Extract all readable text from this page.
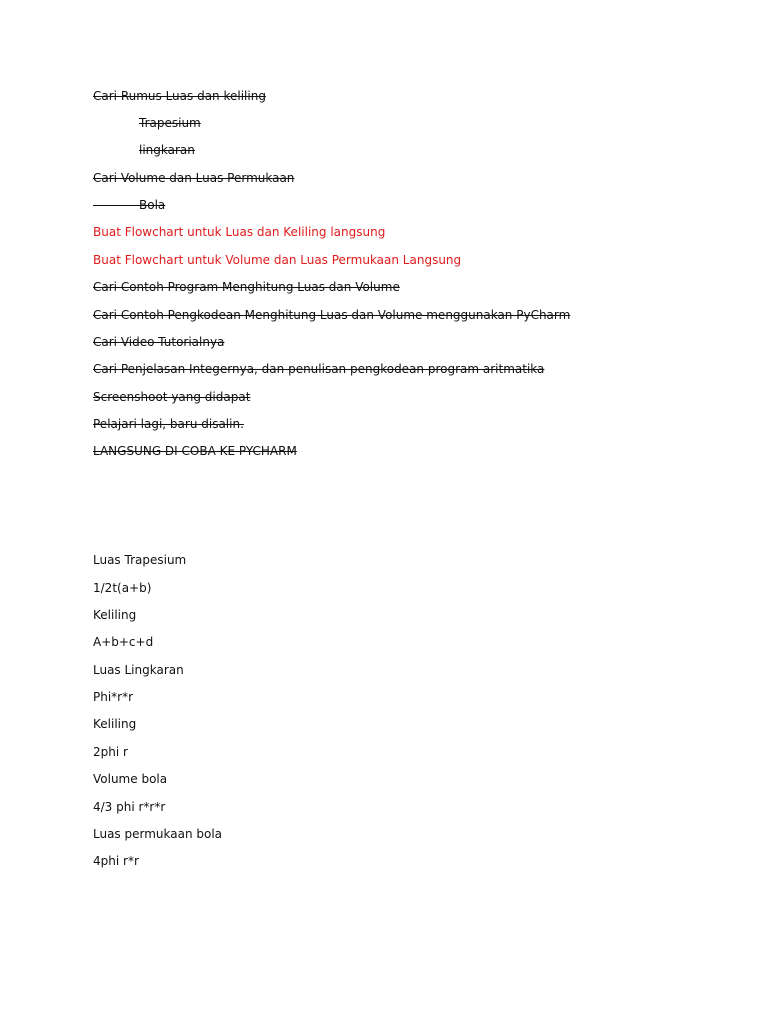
Cari Rumus Luas dan keliling
Trapesium
lingkaran
Cari Volume dan Luas Permukaan
Bola
Buat Flowchart untuk Luas dan Keliling langsung
Buat Flowchart untuk Volume dan Luas Permukaan Langsung
Cari Contoh Program Menghitung Luas dan Volume
Cari Contoh Pengkodean Menghitung Luas dan Volume menggunakan PyCharm
Cari Video Tutorialnya
Cari Penjelasan Integernya, dan penulisan pengkodean program aritmatika
Screenshoot yang didapat
Pelajari lagi, baru disalin.
LANGSUNG DI COBA KE PYCHARM
Luas Trapesium
1/2t(a+b)
Keliling
A+b+c+d
Luas Lingkaran
Phi*r*r
Keliling
2phi r
Volume bola
4/3 phi r*r*r
Luas permukaan bola
4phi r*r
